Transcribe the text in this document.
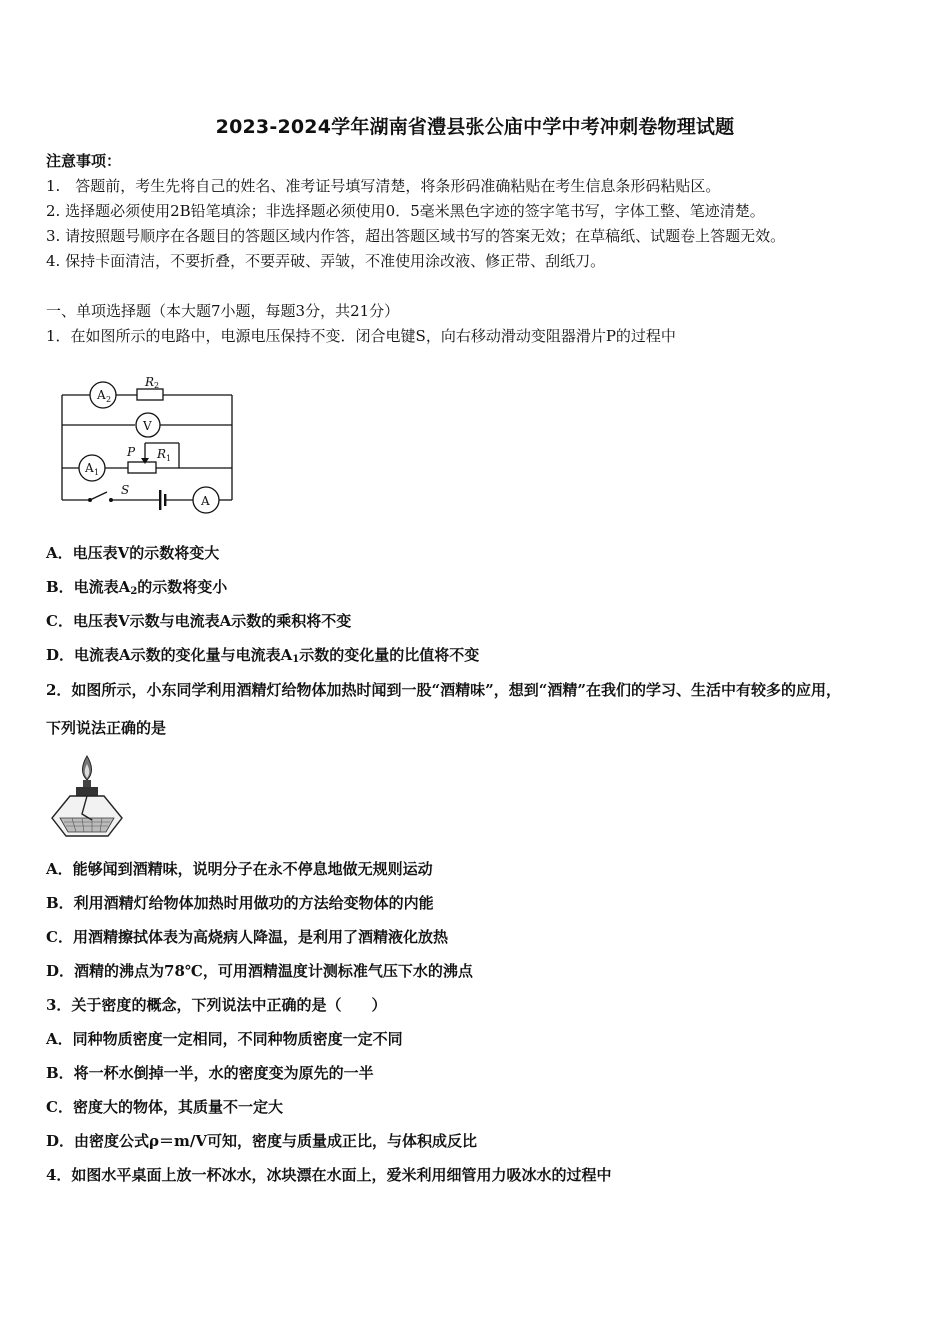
2023-2024学年湖南省澧县张公庙中学中考冲刺卷物理试题
注意事项：
1.　答题前，考生先将自己的姓名、准考证号填写清楚，将条形码准确粘贴在考生信息条形码粘贴区。
2. 选择题必须使用2B铅笔填涂；非选择题必须使用0．5毫米黑色字迹的签字笔书写，字体工整、笔迹清楚。
3. 请按照题号顺序在各题目的答题区域内作答，超出答题区域书写的答案无效；在草稿纸、试题卷上答题无效。
4. 保持卡面清洁，不要折叠，不要弄破、弄皱，不准使用涂改液、修正带、刮纸刀。
一、单项选择题（本大题7小题，每题3分，共21分）
1．在如图所示的电路中，电源电压保持不变．闭合电键S，向右移动滑动变阻器滑片P的过程中
A 2
R 2
V
A 1
P R 1
S
A
A．电压表V的示数将变大
B．电流表$A_2$的示数将变小
C．电压表V示数与电流表A示数的乘积将不变
D．电流表A示数的变化量与电流表$A_1$示数的变化量的比值将不变
2．如图所示，小东同学利用酒精灯给物体加热时闻到一股“酒精味”，想到“酒精”在我们的学习、生活中有较多的应用，
下列说法正确的是
A．能够闻到酒精味，说明分子在永不停息地做无规则运动
B．利用酒精灯给物体加热时用做功的方法给变物体的内能
C．用酒精擦拭体表为高烧病人降温，是利用了酒精液化放热
D．酒精的沸点为78℃，可用酒精温度计测标准气压下水的沸点
3．关于密度的概念，下列说法中正确的是（　　）
A．同种物质密度一定相同，不同种物质密度一定不同
B．将一杯水倒掉一半，水的密度变为原先的一半
C．密度大的物体，其质量不一定大
D．由密度公式ρ＝m/V可知，密度与质量成正比，与体积成反比
4．如图水平桌面上放一杯冰水，冰块漂在水面上，爱米利用细管用力吸冰水的过程中
